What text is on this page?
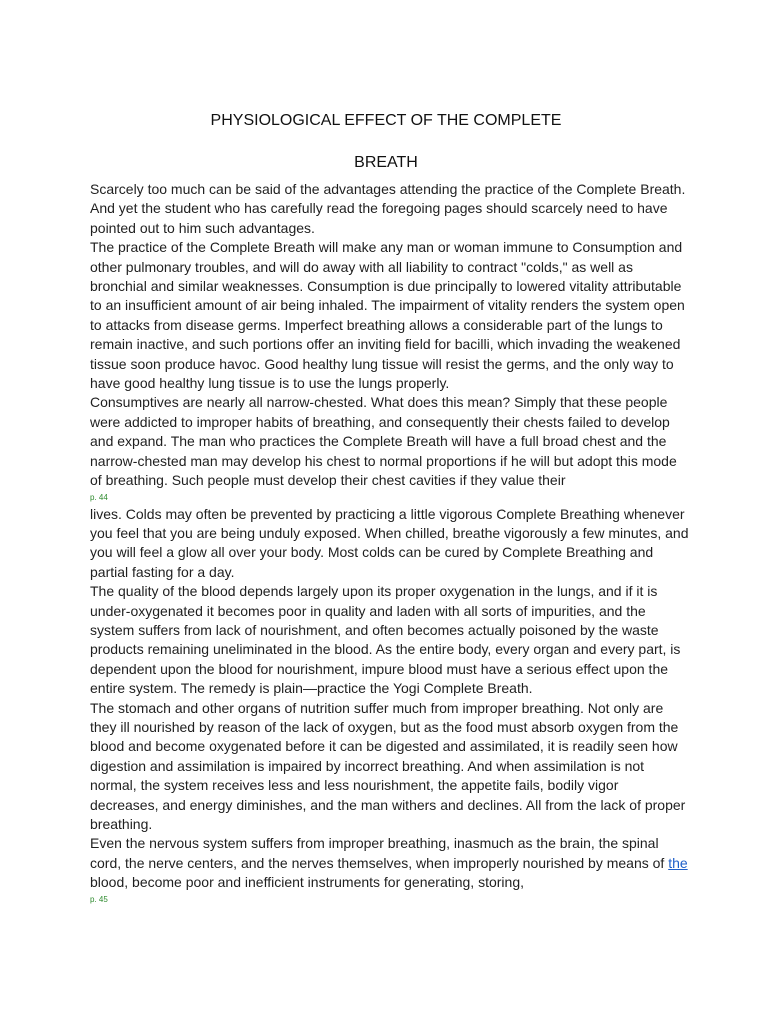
PHYSIOLOGICAL EFFECT OF THE COMPLETE
BREATH

Scarcely too much can be said of the advantages attending the practice of the Complete Breath. And yet the student who has carefully read the foregoing pages should scarcely need to have pointed out to him such advantages.

The practice of the Complete Breath will make any man or woman immune to Consumption and other pulmonary troubles, and will do away with all liability to contract "colds," as well as bronchial and similar weaknesses. Consumption is due principally to lowered vitality attributable to an insufficient amount of air being inhaled. The impairment of vitality renders the system open to attacks from disease germs. Imperfect breathing allows a considerable part of the lungs to remain inactive, and such portions offer an inviting field for bacilli, which invading the weakened tissue soon produce havoc. Good healthy lung tissue will resist the germs, and the only way to have good healthy lung tissue is to use the lungs properly.

Consumptives are nearly all narrow-chested. What does this mean? Simply that these people were addicted to improper habits of breathing, and consequently their chests failed to develop and expand. The man who practices the Complete Breath will have a full broad chest and the narrow-chested man may develop his chest to normal proportions if he will but adopt this mode of breathing. Such people must develop their chest cavities if they value their

p. 44

lives. Colds may often be prevented by practicing a little vigorous Complete Breathing whenever you feel that you are being unduly exposed. When chilled, breathe vigorously a few minutes, and you will feel a glow all over your body. Most colds can be cured by Complete Breathing and partial fasting for a day.

The quality of the blood depends largely upon its proper oxygenation in the lungs, and if it is under-oxygenated it becomes poor in quality and laden with all sorts of impurities, and the system suffers from lack of nourishment, and often becomes actually poisoned by the waste products remaining uneliminated in the blood. As the entire body, every organ and every part, is dependent upon the blood for nourishment, impure blood must have a serious effect upon the entire system. The remedy is plain—practice the Yogi Complete Breath.

The stomach and other organs of nutrition suffer much from improper breathing. Not only are they ill nourished by reason of the lack of oxygen, but as the food must absorb oxygen from the blood and become oxygenated before it can be digested and assimilated, it is readily seen how digestion and assimilation is impaired by incorrect breathing. And when assimilation is not normal, the system receives less and less nourishment, the appetite fails, bodily vigor decreases, and energy diminishes, and the man withers and declines. All from the lack of proper breathing.

Even the nervous system suffers from improper breathing, inasmuch as the brain, the spinal cord, the nerve centers, and the nerves themselves, when improperly nourished by means of the blood, become poor and inefficient instruments for generating, storing,

p. 45
